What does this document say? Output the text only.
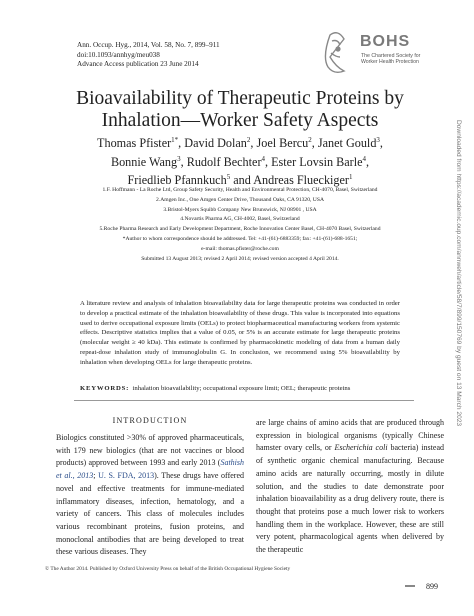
Ann. Occup. Hyg., 2014, Vol. 58, No. 7, 899–911
doi:10.1093/annhyg/meu038
Advance Access publication 23 June 2014
BOHS
The Chartered Society for
Worker Health Protection
Bioavailability of Therapeutic Proteins by
Inhalation—Worker Safety Aspects
Thomas Pfister$^{1*}$, David Dolan$^2$, Joel Bercu$^2$, Janet Gould$^3$,
Bonnie Wang$^3$, Rudolf Bechter$^4$, Ester Lovsin Barle$^4$,
Friedlieb Pfannkuch$^5$ and Andreas Flueckiger$^1$
1.F. Hoffmann - La Roche Ltd, Group Safety Security, Health and Environmental Protection, CH-4070, Basel, Switzerland
2.Amgen Inc., One Amgen Center Drive, Thousand Oaks, CA 91320, USA
3.Bristol-Myers Squibb Company New Brunswick, NJ 08901 , USA
4.Novartis Pharma AG, CH-4002, Basel, Switzerland
5.Roche Pharma Research and Early Development Department, Roche Innovation Center Basel, CH-4070 Basel, Switzerland
*Author to whom correspondence should be addressed. Tel: +41-(61)-6883359; fax: +41-(61)-688-1651;
e-mail: thomas.pfister@roche.com
Submitted 13 August 2013; revised 2 April 2014; revised version accepted 4 April 2014.
A literature review and analysis of inhalation bioavailability data for large therapeutic proteins was conducted in order to develop a practical estimate of the inhalation bioavailability of these drugs. This value is incorporated into equations used to derive occupational exposure limits (OELs) to protect biopharmaceutical manufacturing workers from systemic effects. Descriptive statistics implies that a value of 0.05, or 5% is an accurate estimate for large therapeutic proteins (molecular weight ≥ 40 kDa). This estimate is confirmed by pharmacokinetic modeling of data from a human daily repeat-dose inhalation study of immunoglobulin G. In conclusion, we recommend using 5% bioavailability by inhalation when developing OELs for large therapeutic proteins.
KEYWORDS: inhalation bioavailability; occupational exposure limit; OEL; therapeutic proteins
INTRODUCTION
Biologics constituted >30% of approved pharmaceuticals, with 179 new biologics (that are not vaccines or blood products) approved between 1993 and early 2013 (Sathish et al., 2013; U. S. FDA, 2013). These drugs have offered novel and effective treatments for immune-mediated inflammatory diseases, infection, hematology, and a variety of cancers. This class of molecules includes various recombinant proteins, fusion proteins, and monoclonal antibodies that are being developed to treat these various diseases. They
are large chains of amino acids that are produced through expression in biological organisms (typically Chinese hamster ovary cells, or Escherichia coli bacteria) instead of synthetic organic chemical manufacturing. Because amino acids are naturally occurring, mostly in dilute solution, and the studies to date demonstrate poor inhalation bioavailability as a drug delivery route, there is thought that proteins pose a much lower risk to workers handling them in the workplace. However, these are still very potent, pharmacological agents when delivered by the therapeutic
© The Author 2014. Published by Oxford University Press on behalf of the British Occupational Hygiene Society
899
Downloaded from https://academic.oup.com/annweh/article/58/7/899/150769 by guest on 13 March 2023
